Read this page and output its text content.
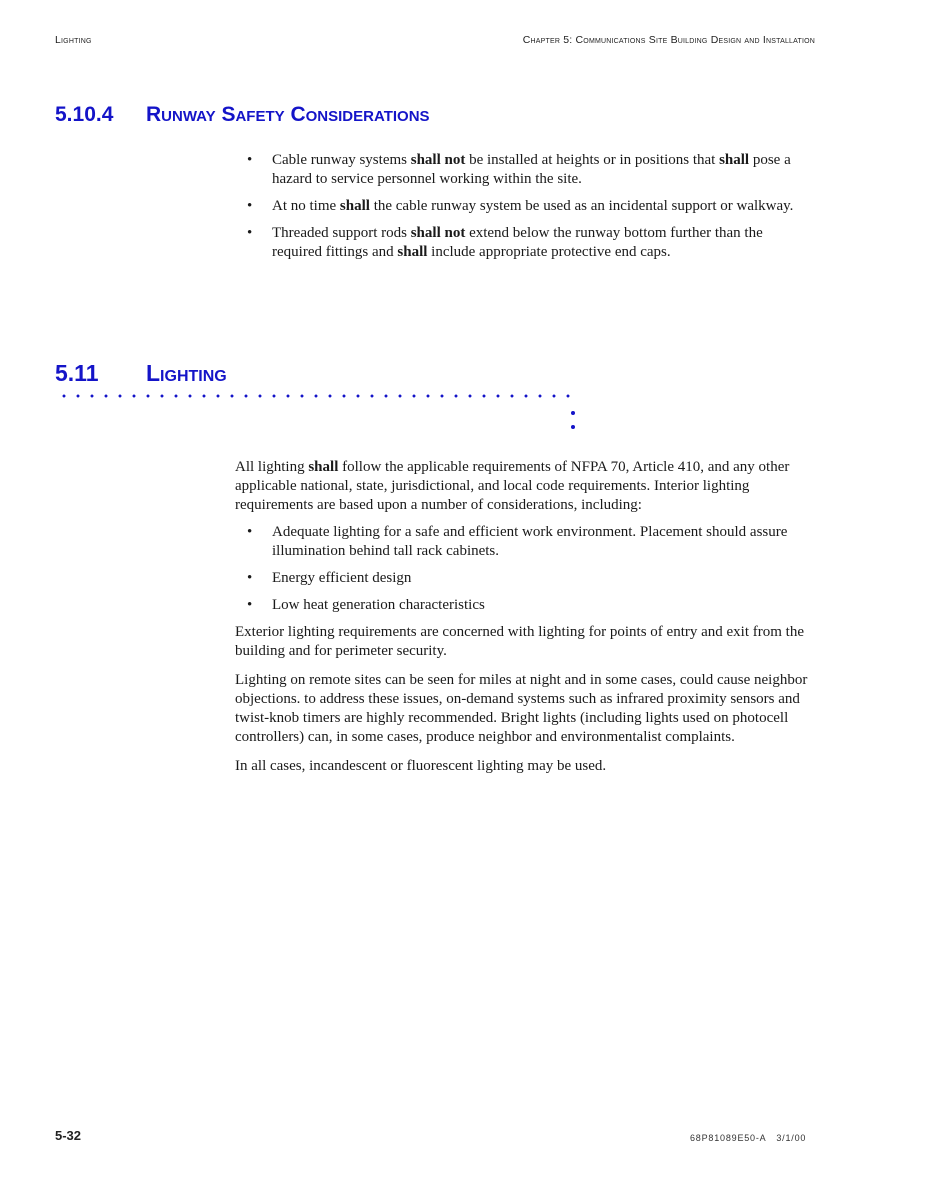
Lighting	Chapter 5: Communications Site Building Design and Installation
5.10.4 Runway Safety Considerations
• Cable runway systems shall not be installed at heights or in positions that shall pose a hazard to service personnel working within the site.
• At no time shall the cable runway system be used as an incidental support or walkway.
• Threaded support rods shall not extend below the runway bottom further than the required fittings and shall include appropriate protective end caps.
5.11 Lighting

All lighting shall follow the applicable requirements of NFPA 70, Article 410, and any other applicable national, state, jurisdictional, and local code requirements. Interior lighting requirements are based upon a number of considerations, including:

• Adequate lighting for a safe and efficient work environment. Placement should assure illumination behind tall rack cabinets.
• Energy efficient design
• Low heat generation characteristics

Exterior lighting requirements are concerned with lighting for points of entry and exit from the building and for perimeter security.

Lighting on remote sites can be seen for miles at night and in some cases, could cause neighbor objections. to address these issues, on-demand systems such as infrared proximity sensors and twist-knob timers are highly recommended. Bright lights (including lights used on photocell controllers) can, in some cases, produce neighbor and environmentalist complaints.

In all cases, incandescent or fluorescent lighting may be used.

5-32	68P81089E50-A 3/1/00
